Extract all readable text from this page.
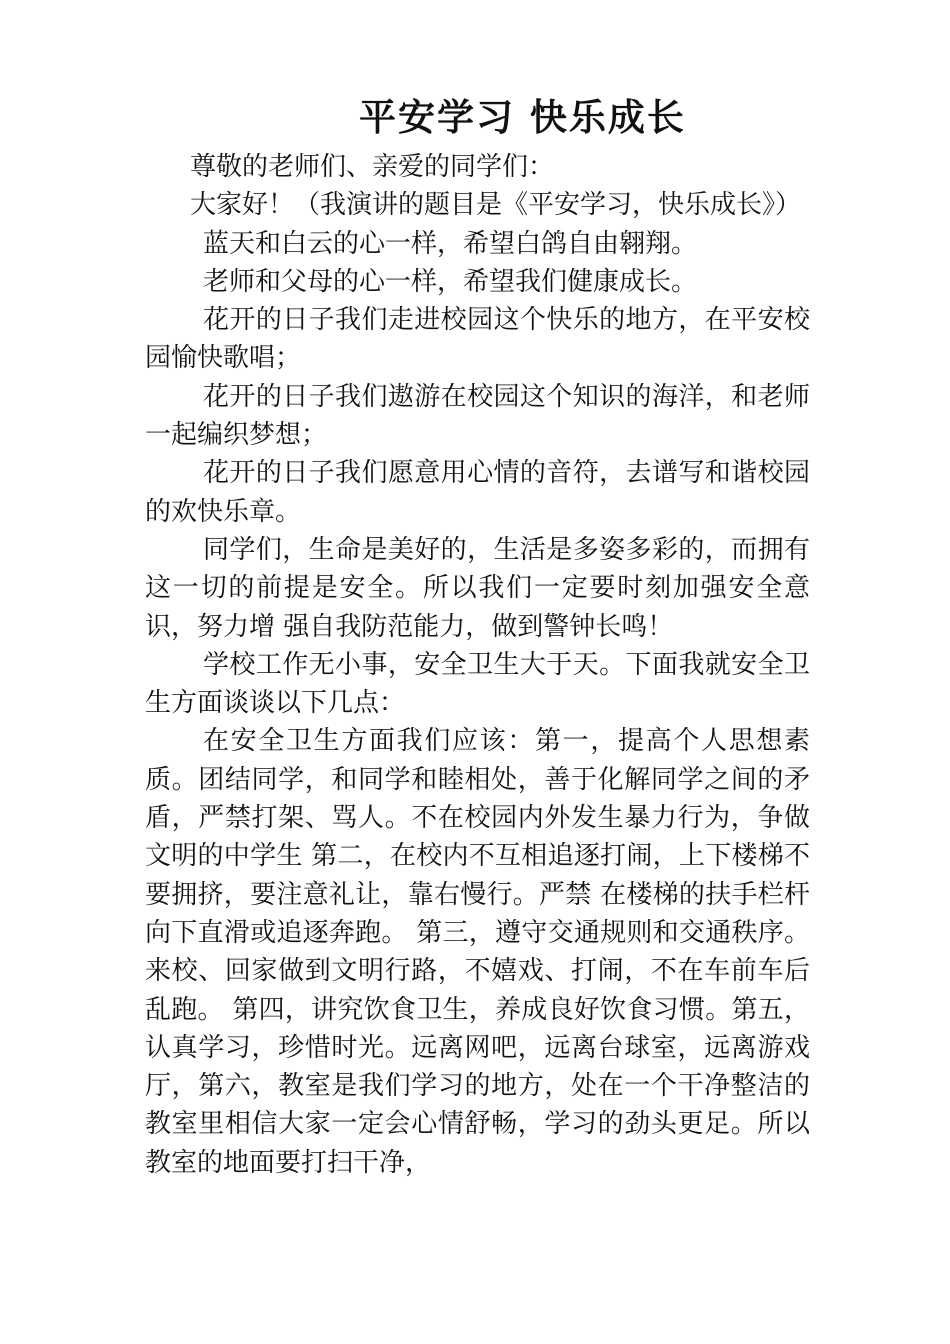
平安学习 快乐成长

尊敬的老师们、亲爱的同学们：

大家好！（我演讲的题目是《平安学习，快乐成长》）

蓝天和白云的心一样，希望白鸽自由翱翔。

老师和父母的心一样，希望我们健康成长。

花开的日子我们走进校园这个快乐的地方，在平安校园愉快歌唱；

花开的日子我们遨游在校园这个知识的海洋，和老师一起编织梦想；

花开的日子我们愿意用心情的音符，去谱写和谐校园的欢快乐章。

同学们，生命是美好的，生活是多姿多彩的，而拥有这一切的前提是安全。所以我们一定要时刻加强安全意识，努力增 强自我防范能力，做到警钟长鸣！

学校工作无小事，安全卫生大于天。下面我就安全卫生方面谈谈以下几点：

在安全卫生方面我们应该：第一，提高个人思想素质。团结同学，和同学和睦相处，善于化解同学之间的矛盾，严禁打架、骂人。不在校园内外发生暴力行为，争做文明的中学生 第二，在校内不互相追逐打闹，上下楼梯不要拥挤，要注意礼让，靠右慢行。严禁 在楼梯的扶手栏杆向下直滑或追逐奔跑。 第三，遵守交通规则和交通秩序。来校、回家做到文明行路，不嬉戏、打闹，不在车前车后乱跑。 第四，讲究饮食卫生，养成良好饮食习惯。第五，认真学习，珍惜时光。远离网吧，远离台球室，远离游戏厅，第六，教室是我们学习的地方，处在一个干净整洁的教室里相信大家一定会心情舒畅，学习的劲头更足。所以教室的地面要打扫干净，
